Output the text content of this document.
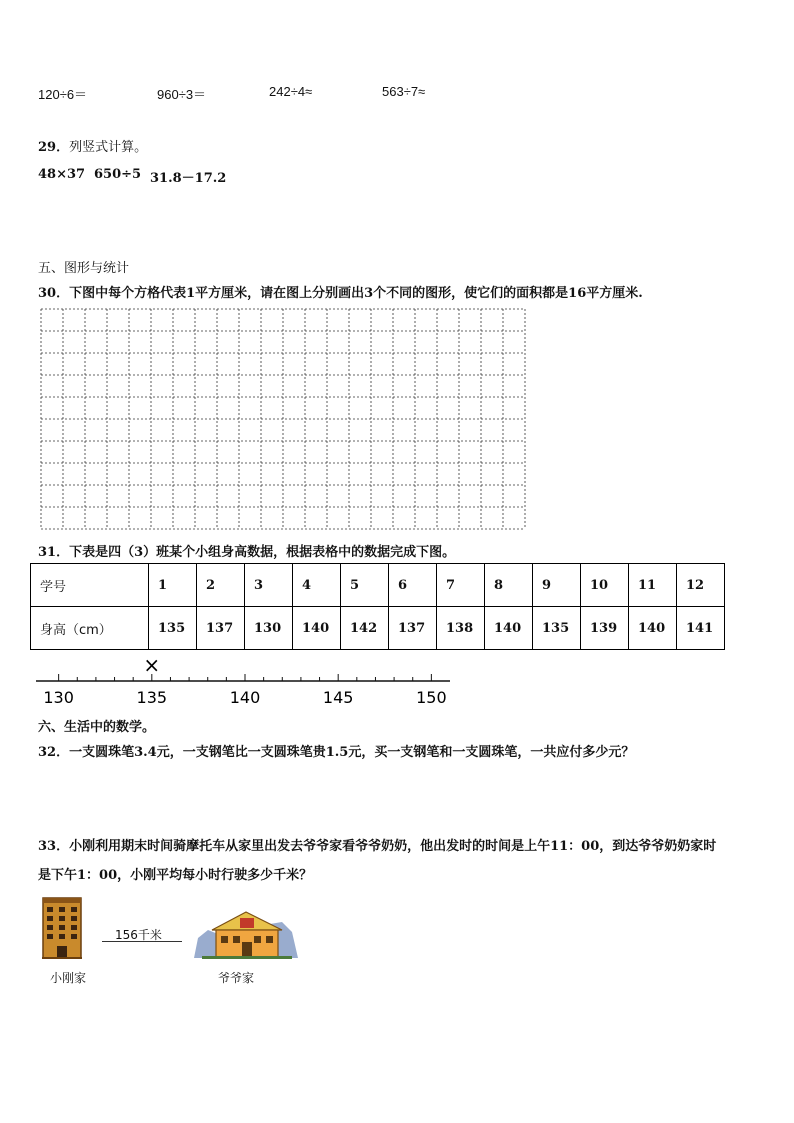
120÷6＝	960÷3＝	242÷4≈	563÷7≈
29．列竖式计算。
48×37 650÷5 31.8－17.2
五、图形与统计
30．下图中每个方格代表1平方厘米，请在图上分别画出3个不同的图形，使它们的面积都是16平方厘米.
31．下表是四（3）班某个小组身高数据，根据表格中的数据完成下图。
学号	1	2	3	4	5	6	7	8	9	10	11	12
身高（cm）	135	137	130	140	142	137	138	140	135	139	140	141
130	135	140	145	150
×
六、生活中的数学。
32．一支圆珠笔3.4元，一支钢笔比一支圆珠笔贵1.5元，买一支钢笔和一支圆珠笔，一共应付多少元？
33．小刚利用期末时间骑摩托车从家里出发去爷爷家看爷爷奶奶，他出发时的时间是上午11：00，到达爷爷奶奶家时
是下午1：00，小刚平均每小时行驶多少千米？
156千米
小刚家	爷爷家
